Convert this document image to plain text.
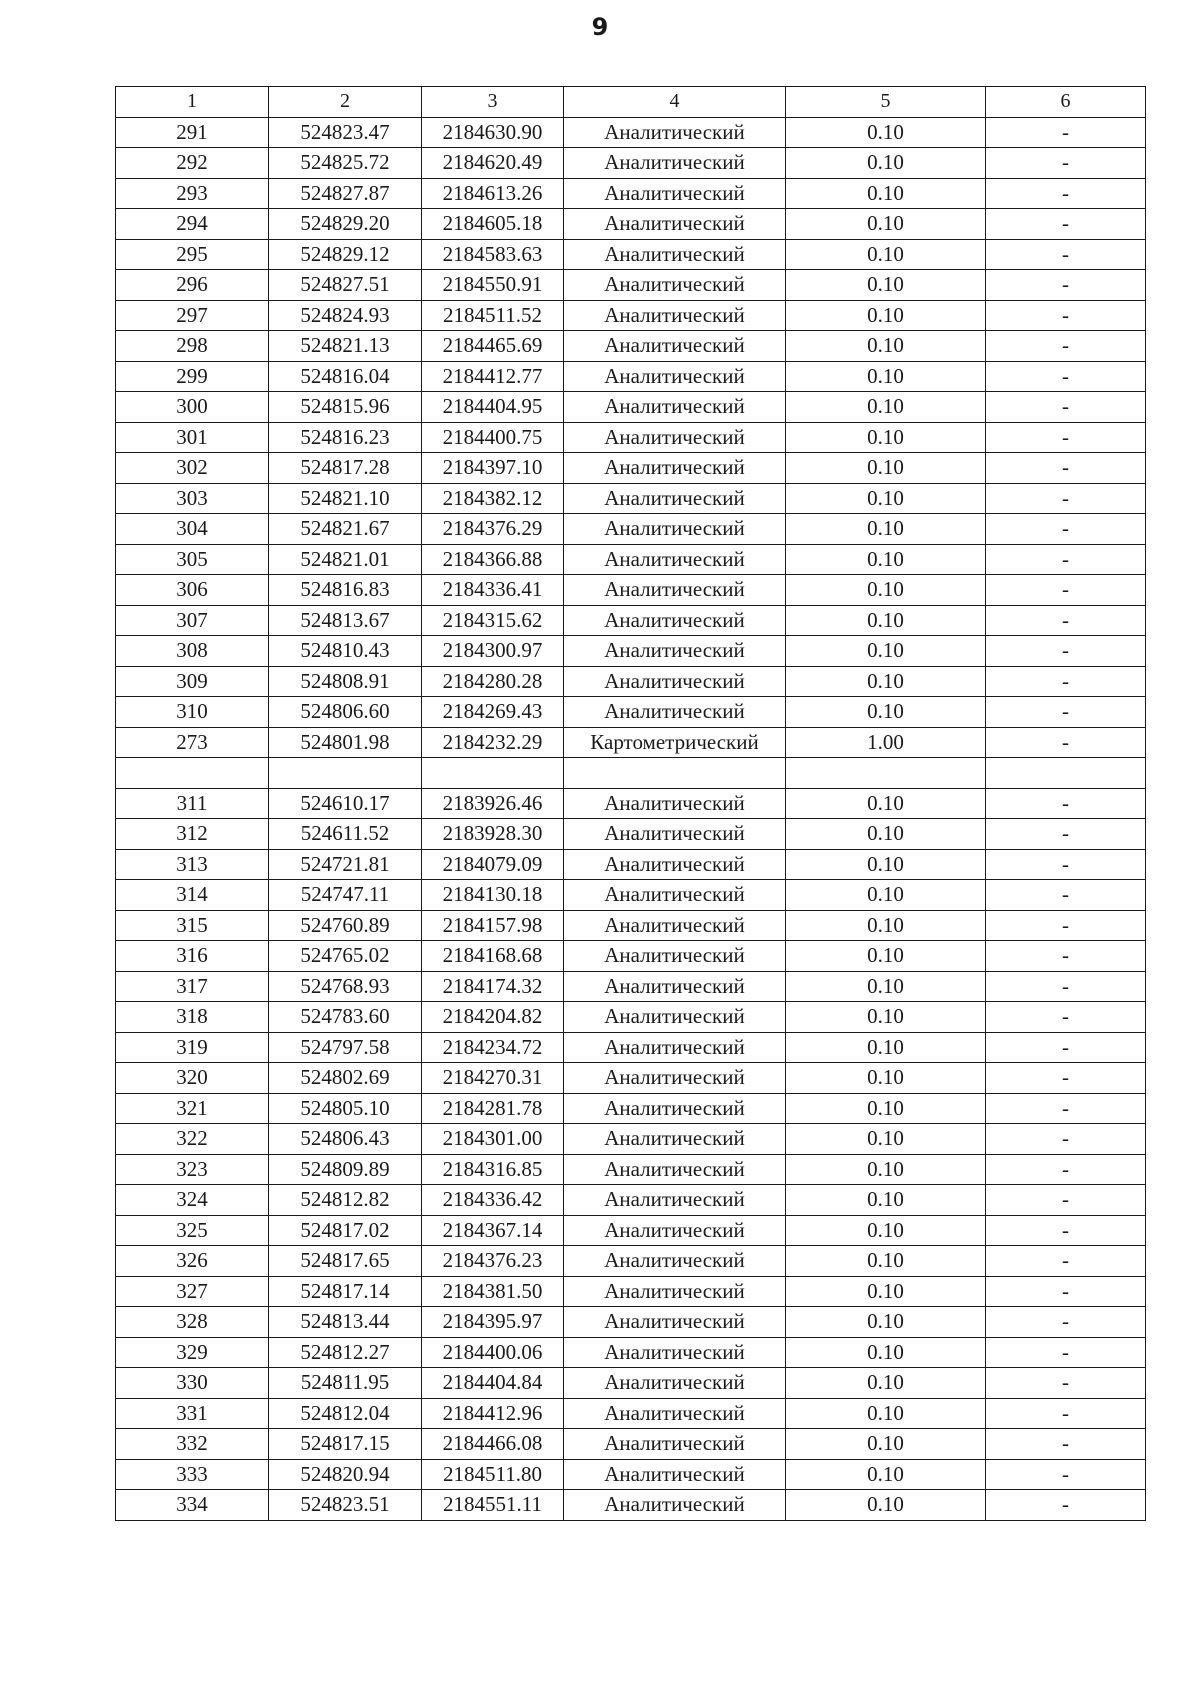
9
1	2	3	4	5	6
291	524823.47	2184630.90	Аналитический	0.10	-
292	524825.72	2184620.49	Аналитический	0.10	-
293	524827.87	2184613.26	Аналитический	0.10	-
294	524829.20	2184605.18	Аналитический	0.10	-
295	524829.12	2184583.63	Аналитический	0.10	-
296	524827.51	2184550.91	Аналитический	0.10	-
297	524824.93	2184511.52	Аналитический	0.10	-
298	524821.13	2184465.69	Аналитический	0.10	-
299	524816.04	2184412.77	Аналитический	0.10	-
300	524815.96	2184404.95	Аналитический	0.10	-
301	524816.23	2184400.75	Аналитический	0.10	-
302	524817.28	2184397.10	Аналитический	0.10	-
303	524821.10	2184382.12	Аналитический	0.10	-
304	524821.67	2184376.29	Аналитический	0.10	-
305	524821.01	2184366.88	Аналитический	0.10	-
306	524816.83	2184336.41	Аналитический	0.10	-
307	524813.67	2184315.62	Аналитический	0.10	-
308	524810.43	2184300.97	Аналитический	0.10	-
309	524808.91	2184280.28	Аналитический	0.10	-
310	524806.60	2184269.43	Аналитический	0.10	-
273	524801.98	2184232.29	Картометрический	1.00	-

311	524610.17	2183926.46	Аналитический	0.10	-
312	524611.52	2183928.30	Аналитический	0.10	-
313	524721.81	2184079.09	Аналитический	0.10	-
314	524747.11	2184130.18	Аналитический	0.10	-
315	524760.89	2184157.98	Аналитический	0.10	-
316	524765.02	2184168.68	Аналитический	0.10	-
317	524768.93	2184174.32	Аналитический	0.10	-
318	524783.60	2184204.82	Аналитический	0.10	-
319	524797.58	2184234.72	Аналитический	0.10	-
320	524802.69	2184270.31	Аналитический	0.10	-
321	524805.10	2184281.78	Аналитический	0.10	-
322	524806.43	2184301.00	Аналитический	0.10	-
323	524809.89	2184316.85	Аналитический	0.10	-
324	524812.82	2184336.42	Аналитический	0.10	-
325	524817.02	2184367.14	Аналитический	0.10	-
326	524817.65	2184376.23	Аналитический	0.10	-
327	524817.14	2184381.50	Аналитический	0.10	-
328	524813.44	2184395.97	Аналитический	0.10	-
329	524812.27	2184400.06	Аналитический	0.10	-
330	524811.95	2184404.84	Аналитический	0.10	-
331	524812.04	2184412.96	Аналитический	0.10	-
332	524817.15	2184466.08	Аналитический	0.10	-
333	524820.94	2184511.80	Аналитический	0.10	-
334	524823.51	2184551.11	Аналитический	0.10	-
